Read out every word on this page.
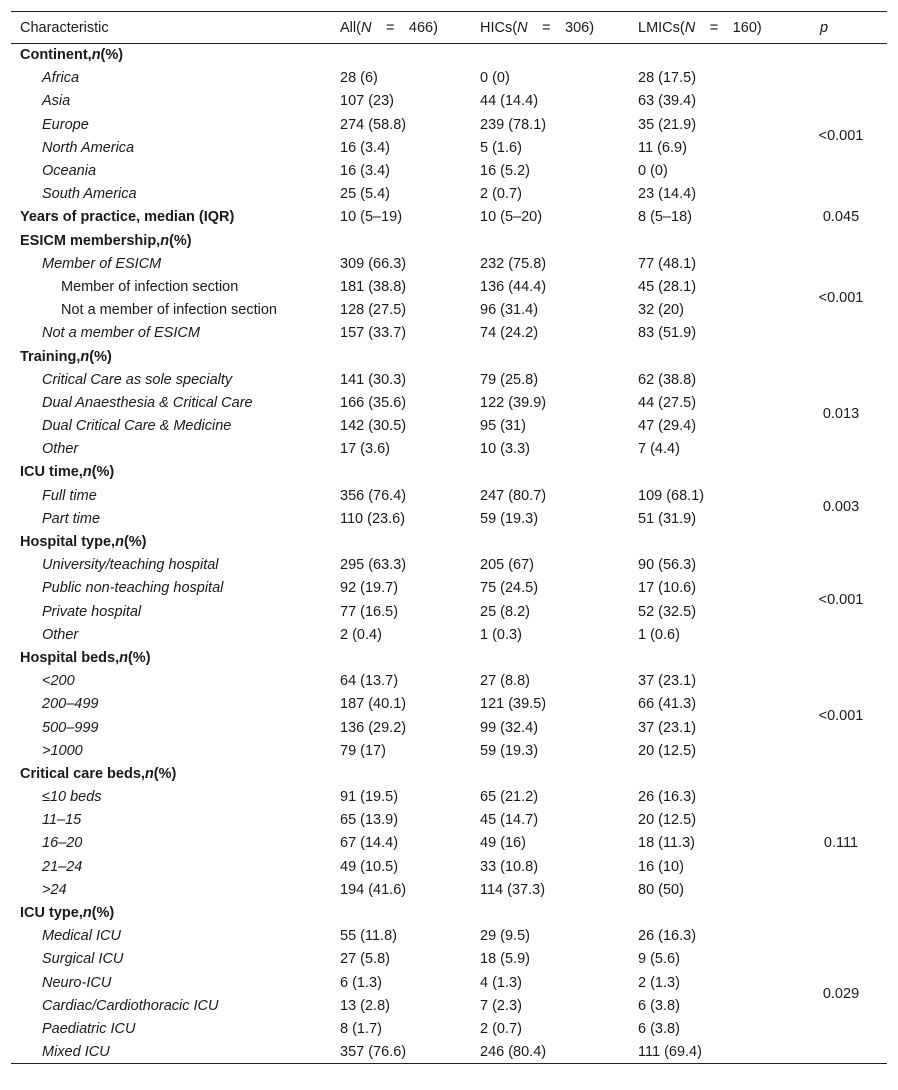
Characteristic	All(N = 466)	HICs(N = 306)	LMICs(N = 160)	p
Continent,n(%)				<0.001

Africa	28 (6)	0 (0)	28 (17.5)	
Asia	107 (23)	44 (14.4)	63 (39.4)	
Europe	274 (58.8)	239 (78.1)	35 (21.9)	
North America	16 (3.4)	5 (1.6)	11 (6.9)	
Oceania	16 (3.4)	16 (5.2)	0 (0)	
South America	25 (5.4)	2 (0.7)	23 (14.4)	
Years of practice, median (IQR)	10 (5–19)	10 (5–20)	8 (5–18)	0.045

ESICM membership,n(%)				<0.001

Member of ESICM	309 (66.3)	232 (75.8)	77 (48.1)	
Member of infection section	181 (38.8)	136 (44.4)	45 (28.1)	
Not a member of infection section	128 (27.5)	96 (31.4)	32 (20)	
Not a member of ESICM	157 (33.7)	74 (24.2)	83 (51.9)	
Training,n(%)				0.013

Critical Care as sole specialty	141 (30.3)	79 (25.8)	62 (38.8)	
Dual Anaesthesia & Critical Care	166 (35.6)	122 (39.9)	44 (27.5)	
Dual Critical Care & Medicine	142 (30.5)	95 (31)	47 (29.4)	
Other	17 (3.6)	10 (3.3)	7 (4.4)	
ICU time,n(%)				0.003

Full time	356 (76.4)	247 (80.7)	109 (68.1)	
Part time	110 (23.6)	59 (19.3)	51 (31.9)	
Hospital type,n(%)				<0.001

University/teaching hospital	295 (63.3)	205 (67)	90 (56.3)	
Public non-teaching hospital	92 (19.7)	75 (24.5)	17 (10.6)	
Private hospital	77 (16.5)	25 (8.2)	52 (32.5)	
Other	2 (0.4)	1 (0.3)	1 (0.6)	
Hospital beds,n(%)				<0.001

<200	64 (13.7)	27 (8.8)	37 (23.1)	
200–499	187 (40.1)	121 (39.5)	66 (41.3)	
500–999	136 (29.2)	99 (32.4)	37 (23.1)	
>1000	79 (17)	59 (19.3)	20 (12.5)	
Critical care beds,n(%)				0.111

≤10 beds	91 (19.5)	65 (21.2)	26 (16.3)	
11–15	65 (13.9)	45 (14.7)	20 (12.5)	
16–20	67 (14.4)	49 (16)	18 (11.3)	
21–24	49 (10.5)	33 (10.8)	16 (10)	
>24	194 (41.6)	114 (37.3)	80 (50)	
ICU type,n(%)				0.029

Medical ICU	55 (11.8)	29 (9.5)	26 (16.3)	
Surgical ICU	27 (5.8)	18 (5.9)	9 (5.6)	
Neuro-ICU	6 (1.3)	4 (1.3)	2 (1.3)	
Cardiac/Cardiothoracic ICU	13 (2.8)	7 (2.3)	6 (3.8)	
Paediatric ICU	8 (1.7)	2 (0.7)	6 (3.8)	
Mixed ICU	357 (76.6)	246 (80.4)	111 (69.4)	
